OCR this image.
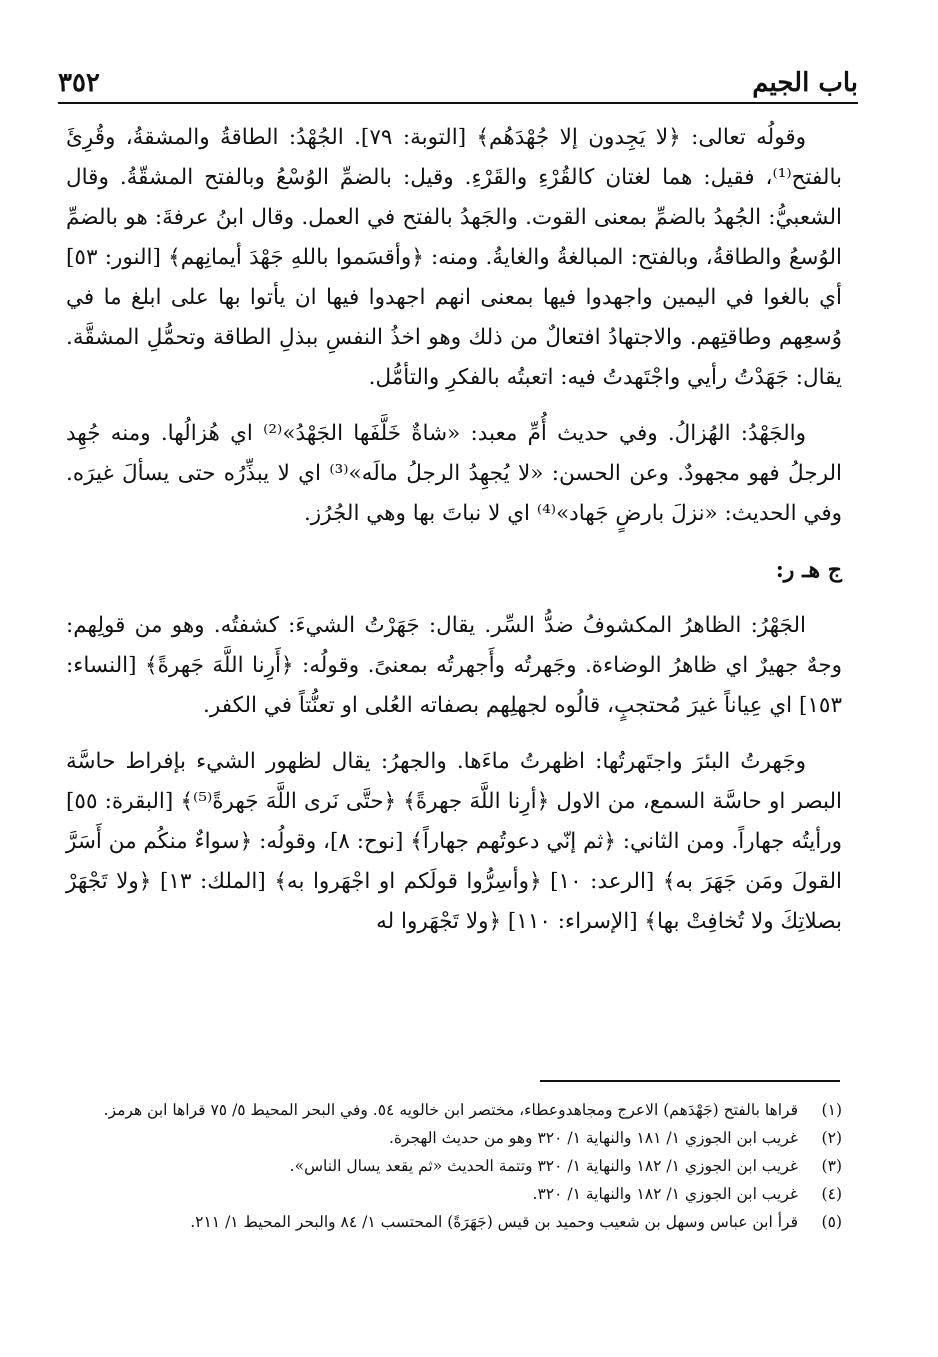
باب الجيم
٣٥٢

وقولُه تعالى: ﴿لا يَجِدون إلا جُهْدَهُم﴾ [التوبة: ٧٩]. الجُهْدُ: الطاقةُ والمشقةُ، وقُرِئَ بالفتح⁽¹⁾، فقيل: هما لغتان كالقُرْءِ والقَرْءِ. وقيل: بالضمِّ الوُسْعُ وبالفتح المشقّةُ. وقال الشعبيُّ: الجُهدُ بالضمِّ بمعنى القوت. والجَهدُ بالفتح في العمل. وقال ابنُ عرفةَ: هو بالضمِّ الوُسعُ والطاقةُ، وبالفتح: المبالغةُ والغايةُ. ومنه: ﴿وأقسَموا باللهِ جَهْدَ أيمانِهم﴾ [النور: ٥٣] أي بالغوا في اليمين واجهدوا فيها بمعنى انهم اجهدوا فيها ان يأتوا بها على ابلغ ما في وُسعِهم وطاقتِهم. والاجتهادُ افتعالٌ من ذلك وهو اخذُ النفسِ ببذلِ الطاقة وتحمُّلِ المشقَّة. يقال: جَهَدْتُ رأيي واجْتَهدتُ فيه: اتعبتُه بالفكرِ والتأمُّل.

والجَهْدُ: الهُزالُ. وفي حديث أُمِّ معبد: «شاةٌ خَلَّفَها الجَهْدُ»⁽²⁾ اي هُزالُها. ومنه جُهِد الرجلُ فهو مجهودٌ. وعن الحسن: «لا يُجهِدُ الرجلُ مالَه»⁽³⁾ اي لا يبذِّرُه حتى يسألَ غيرَه. وفي الحديث: «نزلَ بارضٍ جَهاد»⁽⁴⁾ اي لا نباتَ بها وهي الجُرُز.

ج هـ ر:

الجَهْرُ: الظاهرُ المكشوفُ ضدُّ السِّر. يقال: جَهَرْتُ الشيءَ: كشفتُه. وهو من قولِهم: وجهٌ جهيرٌ اي ظاهرُ الوضاءة. وجَهرتُه وأَجهرتُه بمعنىً. وقولُه: ﴿أَرِنا اللَّهَ جَهرةً﴾ [النساء: ١٥٣] اي عِياناً غيرَ مُحتجبٍ، قالُوه لجهلِهم بصفاته العُلى او تعنُّتاً في الكفر.

وجَهرتُ البئرَ واجتَهرتُها: اظهرتُ ماءَها. والجهرُ: يقال لظهور الشيء بإفراط حاسَّة البصر او حاسَّة السمع، من الاول ﴿أرِنا اللَّهَ جهرةً﴾ ﴿حتَّى نَرى اللَّهَ جَهرةً⁽⁵⁾﴾ [البقرة: ٥٥] ورأيتُه جهاراً. ومن الثاني: ﴿ثم إنّي دعوتُهم جهاراً﴾ [نوح: ٨]، وقولُه: ﴿سواءٌ منكُم من أَسَرَّ القولَ ومَن جَهَرَ به﴾ [الرعد: ١٠] ﴿وأسِرُّوا قولَكم او اجْهَروا به﴾ [الملك: ١٣] ﴿ولا تَجْهَرْ بصلاتِكَ ولا تُخافِتْ بها﴾ [الإسراء: ١١٠] ﴿ولا تَجْهَروا له

(١)
قراها بالفتح (جَهْدَهم) الاعرج ومجاهدوعطاء، مختصر ابن خالويه ٥٤. وفي البحر المحيط ٥/ ٧٥ قراها ابن هرمز.

(٢)
غريب ابن الجوزي ١/ ١٨١ والنهاية ١/ ٣٢٠ وهو من حديث الهجرة.

(٣)
غريب ابن الجوزي ١/ ١٨٢ والنهاية ١/ ٣٢٠ وتتمة الحديث «ثم يقعد يسال الناس».

(٤)
غريب ابن الجوزي ١/ ١٨٢ والنهاية ١/ ٣٢٠.

(٥)
قرأ ابن عباس وسهل بن شعيب وحميد بن قيس (جَهَرَةً) المحتسب ١/ ٨٤ والبحر المحيط ١/ ٢١١.
